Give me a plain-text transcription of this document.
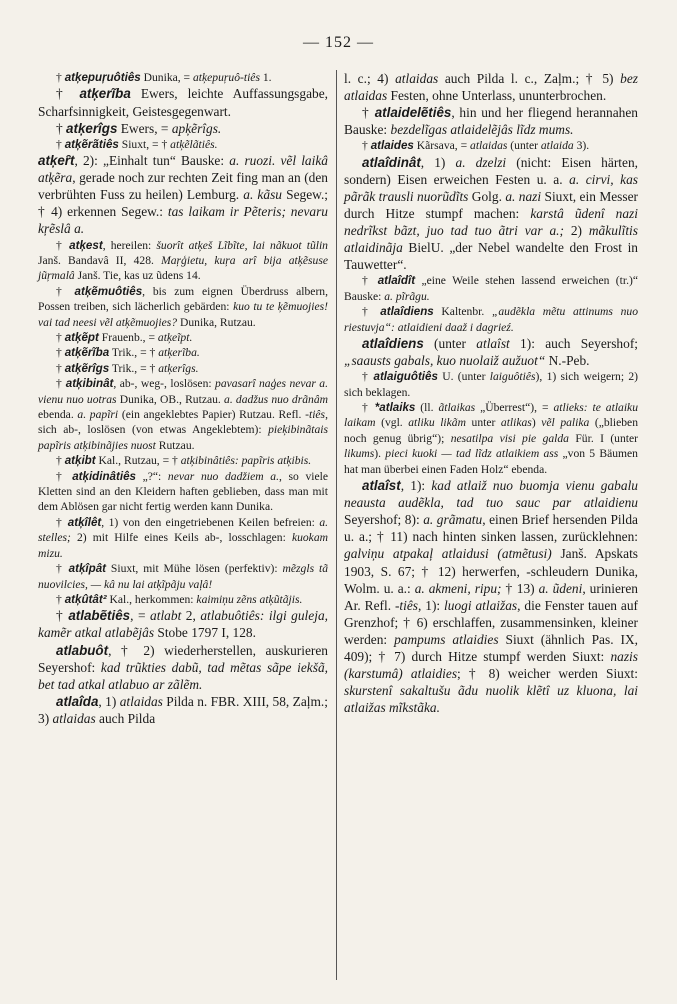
— 152 —

† atķepuŗuôtiês Dunika, = atķepuŗuô-tiês 1.

† atķerĩba Ewers, leichte Auffassungsgabe, Scharfsinnigkeit, Geistesgegenwart.

† atķerîgs Ewers, = apķẽrîgs.

† atķẽrãtiês Siuxt, = † atķẽlãtiês.

atķeȓt, 2): „Einhalt tun“ Bauske: a. ruozi. vẽl laikâ atķẽra, gerade noch zur rechten Zeit fing man an (den verbrühten Fuss zu heilen) Lemburg. a. kãsu Segew.; † 4) erkennen Segew.: tas laikam ir Pẽteris; nevaru kŗẽslâ a.

† atķest, hereilen: šuorît atķeš Lĩbĩte, lai nãkuot tũlin Janš. Bandavâ II, 428. Maŗģietu, kuŗa arî bija atķẽsuse jũŗmalâ Janš. Tie, kas uz ũdens 14.

† atķẽmuôtiês, bis zum eignen Überdruss albern, Possen treiben, sich lächerlich gebärden: kuo tu te ķẽmuojies! vai tad neesi vẽl atķẽmuojies? Dunika, Rutzau.

† atķẽpt Frauenb., = atķeĩpt.

† atķẽrĩba Trik., = † atķerĩba.

† atķẽrîgs Trik., = † atķerîgs.

† atķibinât, ab-, weg-, loslösen: pavasarî naģes nevar a. vienu nuo uotras Dunika, OB., Rutzau. a. dadžus nuo drãnâm ebenda. a. papĩri (ein angeklebtes Papier) Rutzau. Refl. -tiês, sich ab-, loslösen (von etwas Angeklebtem): pieķibinãtais papĩris atķibinãjies nuost Rutzau.

† atķibt Kal., Rutzau, = † atķibinâtiês: papĩris atķibis.

† atķidinâtiês „?“: nevar nuo dadžiem a., so viele Kletten sind an den Kleidern haften geblieben, dass man mit dem Ablösen gar nicht fertig werden kann Dunika.

† atķîlêt, 1) von den eingetriebenen Keilen befreien: a. stelles; 2) mit Hilfe eines Keils ab-, losschlagen: kuokam mizu.

† atķîpât Siuxt, mit Mühe lösen (perfektiv): mẽzgls tã nuovilcies, — kâ nu lai atķĩpãju vaļâ!

† atķûtât² Kal., herkommen: kaimiņu zẽns atķũtãjis.

† atlabẽtiês, = atlabt 2, atlabuôtiês: ilgi guleja, kamẽr atkal atlabẽjâs Stobe 1797 I, 128.

atlabuôt, † 2) wiederherstellen, auskurieren Seyershof: kad trũkties dabũ, tad mẽtas sãpe iekšã, bet tad atkal atlabuo ar zãlẽm.

atlaîda, 1) atlaidas Pilda n. FBR. XIII, 58, Zaļm.; 3) atlaidas auch Pilda

l. c.; 4) atlaidas auch Pilda l. c., Zaļm.; † 5) bez atlaidas Festen, ohne Unterlass, ununterbrochen.

† atlaidelẽtiês, hin und her fliegend herannahen Bauske: bezdelĩgas atlaidelẽjâs lĩdz mums.

† atlaides Kãrsava, = atlaidas (unter atlaida 3).

atlaîdinât, 1) a. dzelzi (nicht: Eisen härten, sondern) Eisen erweichen Festen u. a. a. cirvi, kas pãrãk trausli nuorũdĩts Golg. a. nazi Siuxt, ein Messer durch Hitze stumpf machen: karstâ ũdenî nazi nedrĩkst bãzt, juo tad tuo ãtri var a.; 2) mãkulĩtis atlaidinãja BielU. „der Nebel wandelte den Frost in Tauwetter“.

† atlaîdît „eine Weile stehen lassend erweichen (tr.)“ Bauske: a. pĩrãgu.

† atlaîdiens Kaltenbr. „audẽkla mẽtu attinums nuo riestuvja“: atlaidieni daaž i dagrieź.

atlaîdiens (unter atlaîst 1): auch Seyershof; „saausts gabals, kuo nuolaiž aužuot“ N.-Peb.

† atlaiguôtiês U. (unter laiguôtiês), 1) sich weigern; 2) sich beklagen.

† *atlaiks (ll. ãtlaikas „Überrest“), = atlieks: te atlaiku laikam (vgl. atliku likãm unter atlikas) vẽl palika („blieben noch genug übrig“); nesatilpa visi pie galda Für. I (unter likums). pieci kuoki — tad lĩdz atlaikiem ass „von 5 Bäumen hat man überbei einen Faden Holz“ ebenda.

atlaîst, 1): kad atlaiž nuo buomja vienu gabalu neausta audẽkla, tad tuo sauc par atlaidienu Seyershof; 8): a. grãmatu, einen Brief hersenden Pilda u. a.; † 11) nach hinten sinken lassen, zurücklehnen: galviņu atpakaļ atlaidusi (atmẽtusi) Janš. Apskats 1903, S. 67; † 12) herwerfen, -schleudern Dunika, Wolm. u. a.: a. akmeni, ripu; † 13) a. ũdeni, urinieren Ar. Refl. -tiês, 1): luogi atlaižas, die Fenster tauen auf Grenzhof; † 6) erschlaffen, zusammensinken, kleiner werden: pampums atlaidies Siuxt (ähnlich Pas. IX, 409); † 7) durch Hitze stumpf werden Siuxt: nazis (karstumâ) atlaidies; † 8) weicher werden Siuxt: skurstenî sakaltušu ãdu nuolik klẽtî uz kluona, lai atlaižas mĩkstãka.
